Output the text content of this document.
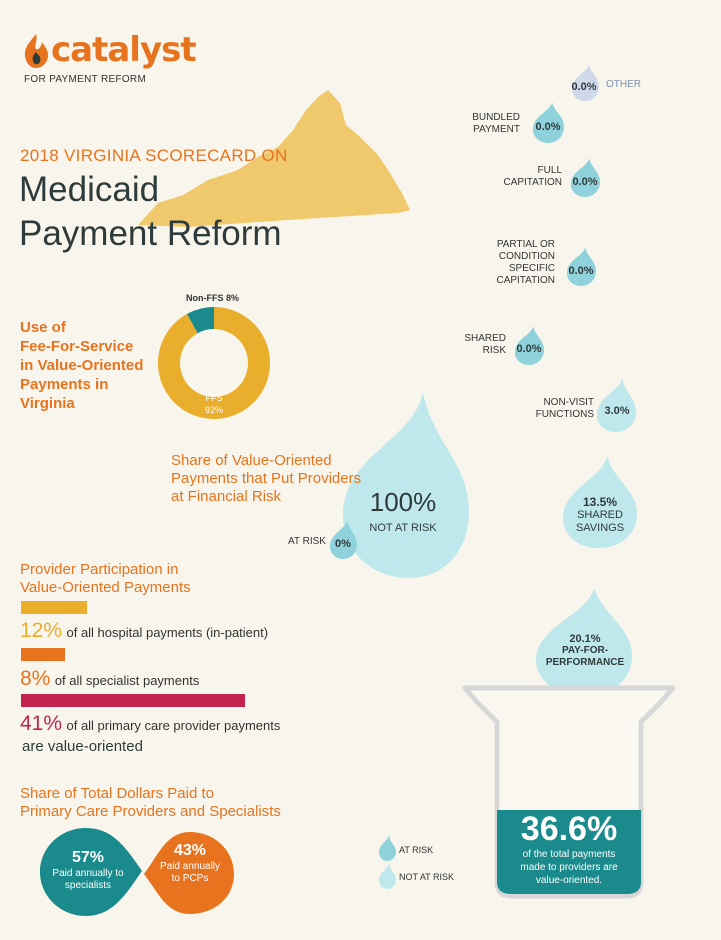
catalyst
FOR PAYMENT REFORM
2018 VIRGINIA SCORECARD ON
Medicaid
Payment Reform
Use of
Fee-For-Service
in Value-Oriented
Payments in
Virginia
Non-FFS 8%
FFS
92%
0.0% OTHER
0.0%
BUNDLED
PAYMENT
0.0%
FULL
CAPITATION
0.0%
PARTIAL OR
CONDITION
SPECIFIC
CAPITATION
0.0%
SHARED
RISK
3.0%
NON-VISIT
FUNCTIONS
13.5%
SHARED
SAVINGS
20.1%
PAY-FOR-
PERFORMANCE
100%
NOT AT RISK
Share of Value-Oriented
Payments that Put Providers
at Financial Risk
0%
AT RISK
Provider Participation in
Value-Oriented Payments
12% of all hospital payments (in-patient)
8% of all specialist payments
41% of all primary care provider payments
are value-oriented
Share of Total Dollars Paid to
Primary Care Providers and Specialists
57%
Paid annually to
specialists
43%
Paid annually
to PCPs
AT RISK
NOT AT RISK
36.6%
of the total payments
made to providers are
value-oriented.
